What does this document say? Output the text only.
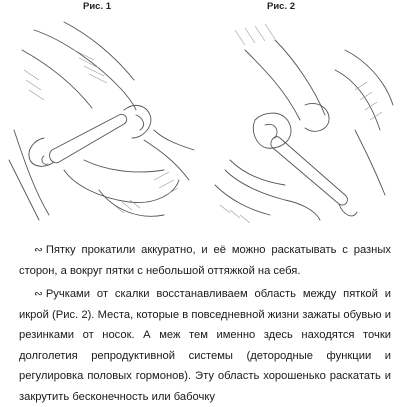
Рис. 1	Рис. 2

∾ Пятку прокатили аккуратно, и её можно раскатывать с разных сторон, а вокруг пятки с небольшой оттяжкой на себя.

∾ Ручками от скалки восстанавливаем область между пяткой и икрой (Рис. 2). Места, которые в повседневной жизни зажаты обувью и резинками от носок. А меж тем именно здесь находятся точки долголетия репродуктивной системы (детородные функции и регулировка половых гормонов). Эту область хорошенько раскатать и закрутить бесконечность или бабочку
